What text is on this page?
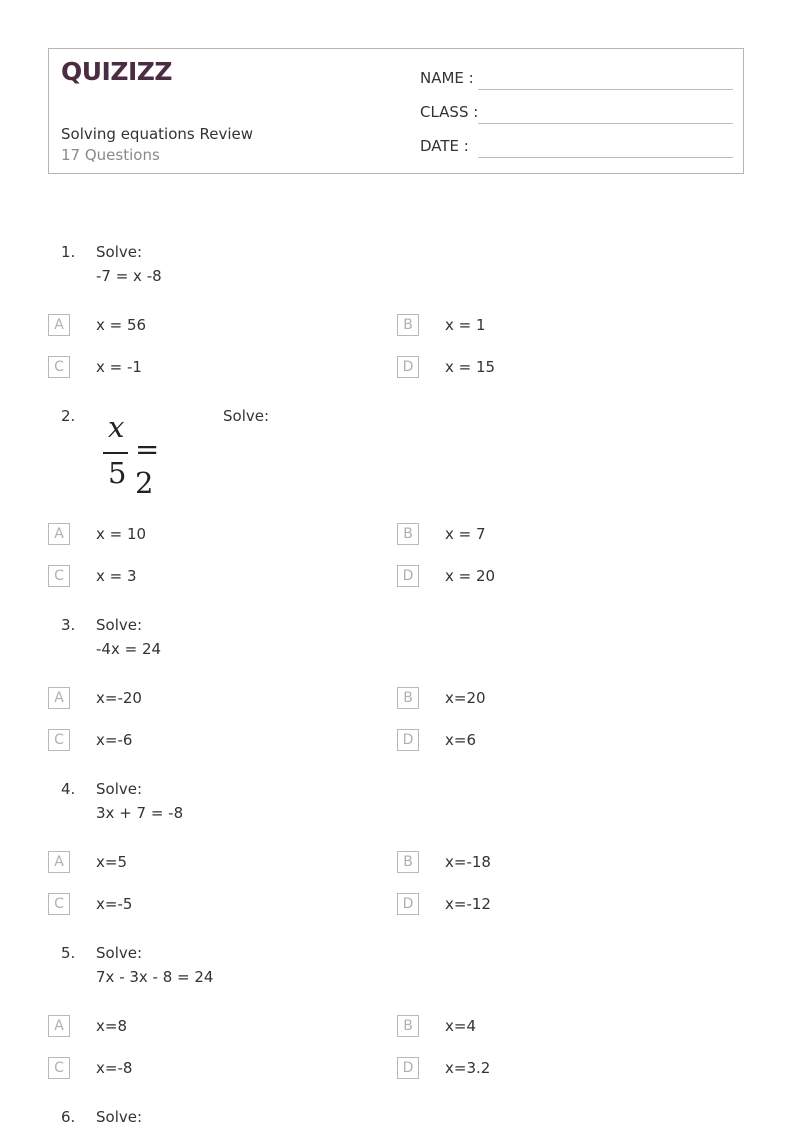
QUIZIZZ
Solving equations Review
17 Questions
NAME :
CLASS :
DATE :
1. Solve:
-7 = x -8
A	x = 56	B	x = 1
C	x = -1	D	x = 15
2. x
5
= 2
Solve:
A	x = 10	B	x = 7
C	x = 3	D	x = 20
3. Solve:
-4x = 24
A	x=-20	B	x=20
C	x=-6	D	x=6
4. Solve:
3x + 7 = -8
A	x=5	B	x=-18
C	x=-5	D	x=-12
5. Solve:
7x - 3x - 8 = 24
A	x=8	B	x=4
C	x=-8	D	x=3.2
6. Solve:
